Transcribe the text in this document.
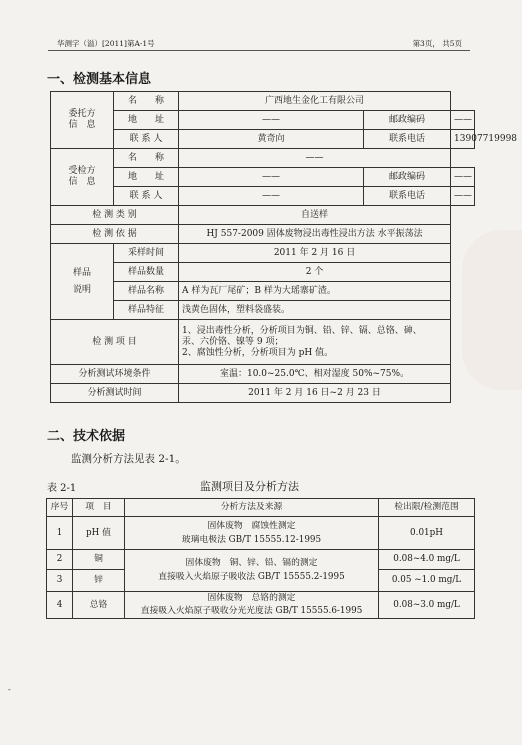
华测字（溢）[2011]第A-1号	第3页， 共5页
一、检测基本信息
委托方
信　息	名　　称	广西地生金化工有限公司		
	地　　址	——	邮政编码	——
	联 系 人	黄奇向	联系电话	13907719998

受检方
信　息	名　　称	——		
	地　　址	——	邮政编码	——
	联 系 人	——	联系电话	——
检 测 类 别		自送样		
检 测 依 据		HJ 557-2009 固体废物浸出毒性浸出方法 水平振荡法		

样品
说明	采样时间	2011 年 2 月 16 日		
	样品数量	2 个		
	样品名称	A 样为瓦厂尾矿；B 样为大瑶寨矿渣。		
	样品特征	浅黄色固体，塑料袋盛装。		
检 测 项 目		1、浸出毒性分析，分析项目为铜、铅、锌、镉、总铬、砷、
汞、六价铬、镍等 9 项；
2、腐蚀性分析，分析项目为 pH 值。		

分析测试环境条件		室温：10.0~25.0℃、相对湿度 50%~75%。		
分析测试时间		2011 年 2 月 16 日~2 月 23 日		
二、技术依据
监测分析方法见表 2-1。
表 2-1	监测项目及分析方法
序号	项　目	分析方法及来源	检出限/检测范围
1	pH 值	固体废物　腐蚀性测定
玻璃电极法 GB/T 15555.12-1995	0.01pH
2	铜	固体废物　铜、锌、铅、镉的测定
直接吸入火焰原子吸收法 GB/T 15555.2-1995	0.08~4.0 mg/L
3	锌		0.05 ~1.0 mg/L
4	总铬	固体废物　总铬的测定
直接吸入火焰原子吸收分光光度法 GB/T 15555.6-1995	0.08~3.0 mg/L
-
